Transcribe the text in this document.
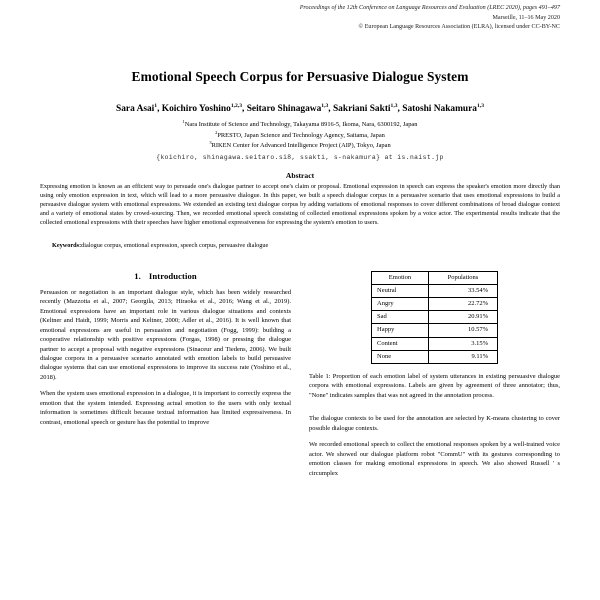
Proceedings of the 12th Conference on Language Resources and Evaluation (LREC 2020), pages 491–497
Marseille, 11–16 May 2020
© European Language Resources Association (ELRA), licensed under CC-BY-NC
Emotional Speech Corpus for Persuasive Dialogue System
Sara Asai$^1$, Koichiro Yoshino$^{1,2,3}$, Seitaro Shinagawa$^{1,3}$, Sakriani Sakti$^{1,3}$, Satoshi Nakamura$^{1,3}$
$^1$Nara Institute of Science and Technology, Takayama 8916-5, Ikoma, Nara, 6300192, Japan
$^2$PRESTO, Japan Science and Technology Agency, Saitama, Japan
$^3$RIKEN Center for Advanced Intelligence Project (AIP), Tokyo, Japan
{koichiro, shinagawa.seitaro.si8, ssakti, s-nakamura} at is.naist.jp
Abstract
Expressing emotion is known as an efficient way to persuade one's dialogue partner to accept one's claim or proposal. Emotional expression in speech can express the speaker's emotion more directly than using only emotion expression in text, which will lead to a more persuasive dialogue. In this paper, we built a speech dialogue corpus in a persuasive scenario that uses emotional expressions to build a persuasive dialogue system with emotional expressions. We extended an existing text dialogue corpus by adding variations of emotional responses to cover different combinations of broad dialogue context and a variety of emotional states by crowd-sourcing. Then, we recorded emotional speech consisting of collected emotional expressions spoken by a voice actor. The experimental results indicate that the collected emotional expressions with their speeches have higher emotional expressiveness for expressing the system's emotion to users.
Keywords:dialogue corpus, emotional expression, speech corpus, persuasive dialogue
1. Introduction

Persuasion or negotiation is an important dialogue style, which has been widely researched recently (Mazzotta et al., 2007; Georgila, 2013; Hiraoka et al., 2016; Wang et al., 2019). Emotional expressions have an important role in various dialogue situations and contexts (Keltner and Haidt, 1999; Morris and Keltner, 2000; Adler et al., 2016). It is well known that emotional expressions are useful in persuasion and negotiation (Fogg, 1999): building a cooperative relationship with positive expressions (Forgas, 1998) or pressing the dialogue partner to accept a proposal with negative expressions (Sinaceur and Tiedens, 2006). We built dialogue corpora in a persuasive scenario annotated with emotion labels to build persuasive dialogue systems that can use emotional expressions to improve its success rate (Yoshino et al., 2018).

When the system uses emotional expression in a dialogue, it is important to correctly express the emotion that the system intended. Expressing actual emotion to the users with only textual information is sometimes difficult because textual information has limited expressiveness. In contrast, emotional speech or gesture has the potential to improve

Emotion	Populations
Neutral	33.54%
Angry	22.72%
Sad	20.91%
Happy	10.57%
Content	3.15%
None	9.11%
Table 1: Proportion of each emotion label of system utterances in existing persuasive dialogue corpora with emotional expressions. Labels are given by agreement of three annotator; thus, "None" indicates samples that was not agreed in the annotation process.

The dialogue contexts to be used for the annotation are selected by K-means clustering to cover possible dialogue contexts.

We recorded emotional speech to collect the emotional responses spoken by a well-trained voice actor. We showed our dialogue platform robot "CommU" with its gestures corresponding to emotion classes for making emotional expressions in speech. We also showed Russell ' s circumplex
